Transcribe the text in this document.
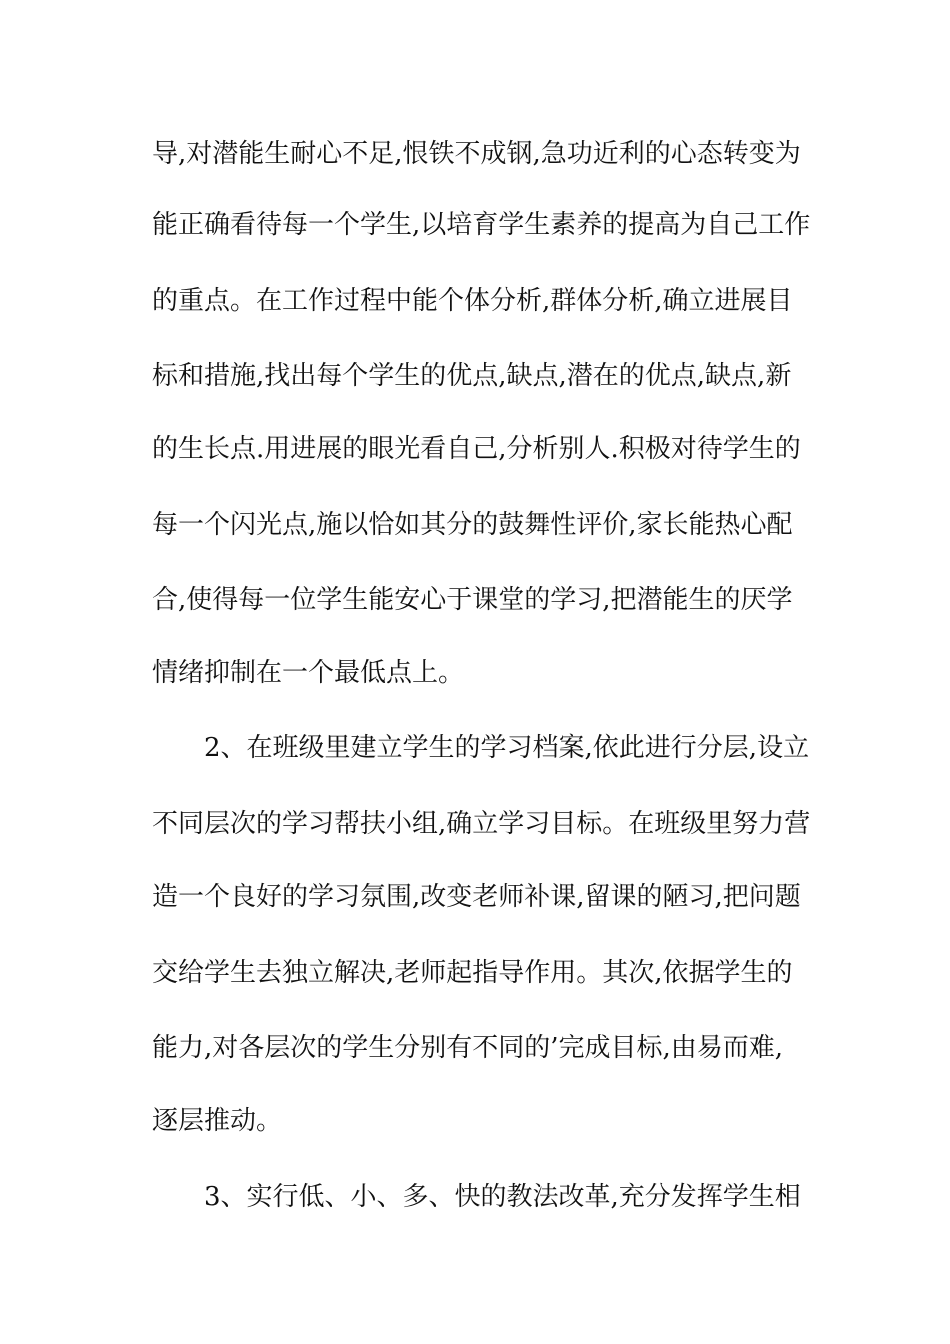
导,对潜能生耐心不足,恨铁不成钢,急功近利的心态转变为
能正确看待每一个学生,以培育学生素养的提高为自己工作
的重点。在工作过程中能个体分析,群体分析,确立进展目
标和措施,找出每个学生的优点,缺点,潜在的优点,缺点,新
的生长点.用进展的眼光看自己,分析别人.积极对待学生的
每一个闪光点,施以恰如其分的鼓舞性评价,家长能热心配
合,使得每一位学生能安心于课堂的学习,把潜能生的厌学
情绪抑制在一个最低点上。
2、在班级里建立学生的学习档案,依此进行分层,设立
不同层次的学习帮扶小组,确立学习目标。在班级里努力营
造一个良好的学习氛围,改变老师补课,留课的陋习,把问题
交给学生去独立解决,老师起指导作用。其次,依据学生的
能力,对各层次的学生分别有不同的’完成目标,由易而难,
逐层推动。
3、实行低、小、多、快的教法改革,充分发挥学生相
